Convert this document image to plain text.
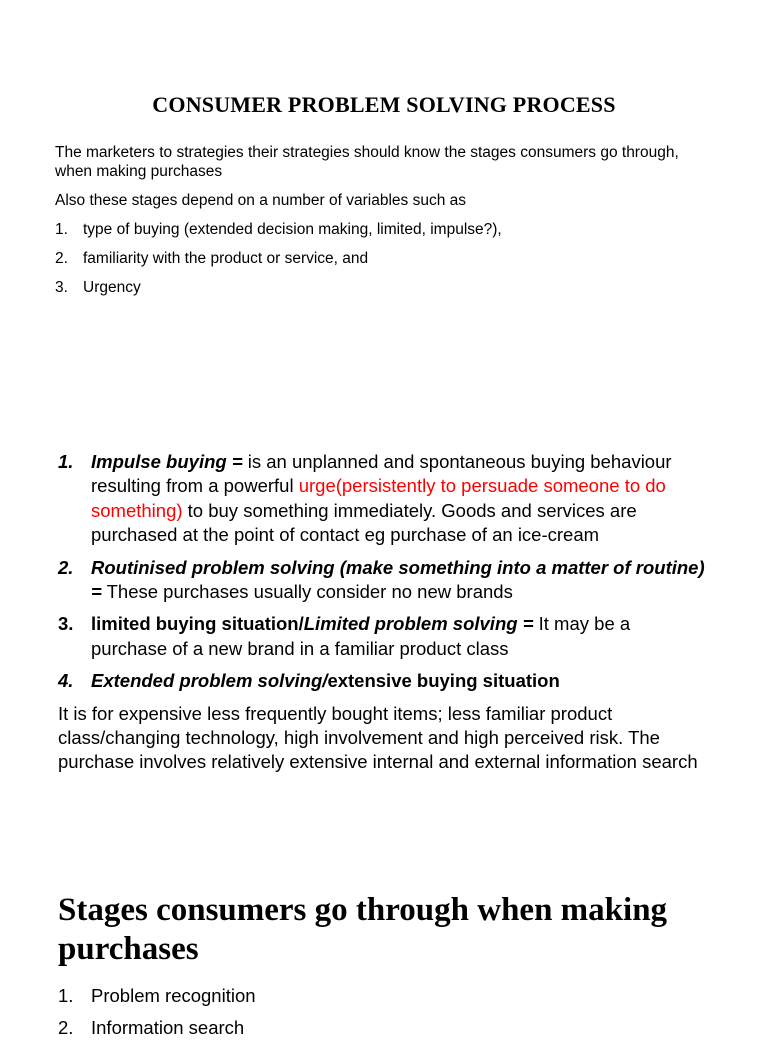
CONSUMER PROBLEM SOLVING PROCESS

The marketers to strategies their strategies should know the stages consumers go through, when making purchases

Also these stages depend on a number of variables such as

1. type of buying (extended decision making, limited, impulse?),
2. familiarity with the product or service, and
3. Urgency
1. Impulse buying = is an unplanned and spontaneous buying behaviour resulting from a powerful urge(persistently to persuade someone to do something) to buy something immediately. Goods and services are purchased at the point of contact eg purchase of an ice-cream
2. Routinised problem solving (make something into a matter of routine) = These purchases usually consider no new brands
3. limited buying situation/Limited problem solving = It may be a purchase of a new brand in a familiar product class
4. Extended problem solving/extensive buying situation

It is for expensive less frequently bought items; less familiar product class/changing technology, high involvement and high perceived risk. The purchase involves relatively extensive internal and external information search

Stages consumers go through when making purchases
1. Problem recognition
2. Information search
